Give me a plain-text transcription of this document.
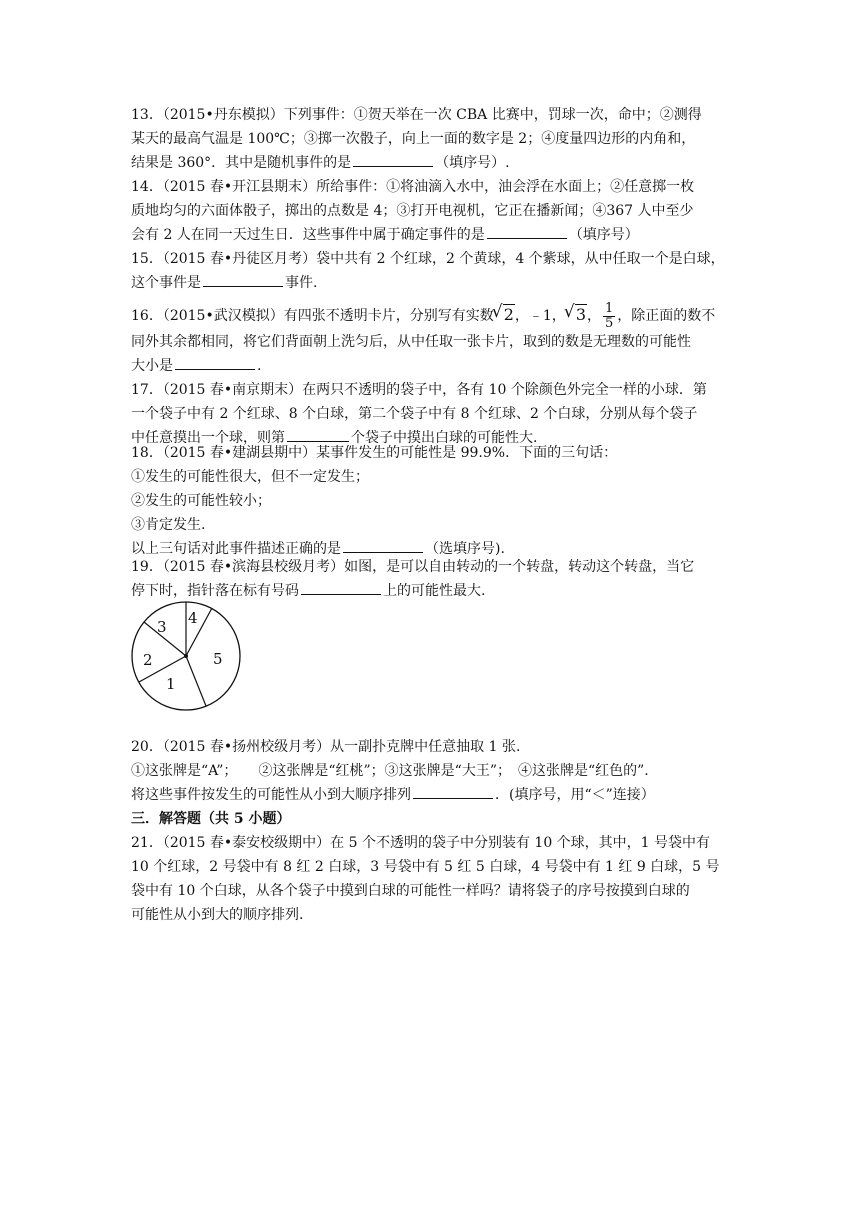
13．（2015•丹东模拟）下列事件：①贺天举在一次 CBA 比赛中，罚球一次，命中；②测得
某天的最高气温是 100℃；③掷一次骰子，向上一面的数字是 2；④度量四边形的内角和，
结果是 360°．其中是随机事件的是	（填序号）.
14．（2015 春•开江县期末）所给事件：①将油滴入水中，油会浮在水面上；②任意掷一枚
质地均匀的六面体骰子，掷出的点数是 4；③打开电视机，它正在播新闻；④367 人中至少
会有 2 人在同一天过生日．这些事件中属于确定事件的是	（填序号）
15．（2015 春•丹徒区月考）袋中共有 2 个红球，2 个黄球，4 个紫球，从中任取一个是白球，
这个事件是	事件.
16．（2015•武汉模拟）有四张不透明卡片，分别写有实数 √ 2，﹣1， √ 3， $\frac{1}{5}$ ，除正面的数不
同外其余都相同，将它们背面朝上洗匀后，从中任取一张卡片，取到的数是无理数的可能性
大小是	.
17．（2015 春•南京期末）在两只不透明的袋子中，各有 10 个除颜色外完全一样的小球．第
一个袋子中有 2 个红球、8 个白球，第二个袋子中有 8 个红球、2 个白球，分别从每个袋子
中任意摸出一个球，则第	个袋子中摸出白球的可能性大.
18．（2015 春•建湖县期中）某事件发生的可能性是 99.9%．下面的三句话：
①发生的可能性很大，但不一定发生；
②发生的可能性较小；
③肯定发生.
以上三句话对此事件描述正确的是	（选填序号).
19．（2015 春•滨海县校级月考）如图，是可以自由转动的一个转盘，转动这个转盘，当它
停下时，指针落在标有号码	上的可能性最大.
4
5
1
2
3
20．（2015 春•扬州校级月考）从一副扑克牌中任意抽取 1 张.
①这张牌是“A”；　　②这张牌是“红桃”；③这张牌是“大王”；　④这张牌是“红色的”.
将这些事件按发生的可能性从小到大顺序排列	．(填序号，用“＜”连接）
三．解答题（共 5 小题）
21．（2015 春•泰安校级期中）在 5 个不透明的袋子中分别装有 10 个球，其中，1 号袋中有
10 个红球，2 号袋中有 8 红 2 白球，3 号袋中有 5 红 5 白球，4 号袋中有 1 红 9 白球，5 号
袋中有 10 个白球，从各个袋子中摸到白球的可能性一样吗？请将袋子的序号按摸到白球的
可能性从小到大的顺序排列.
